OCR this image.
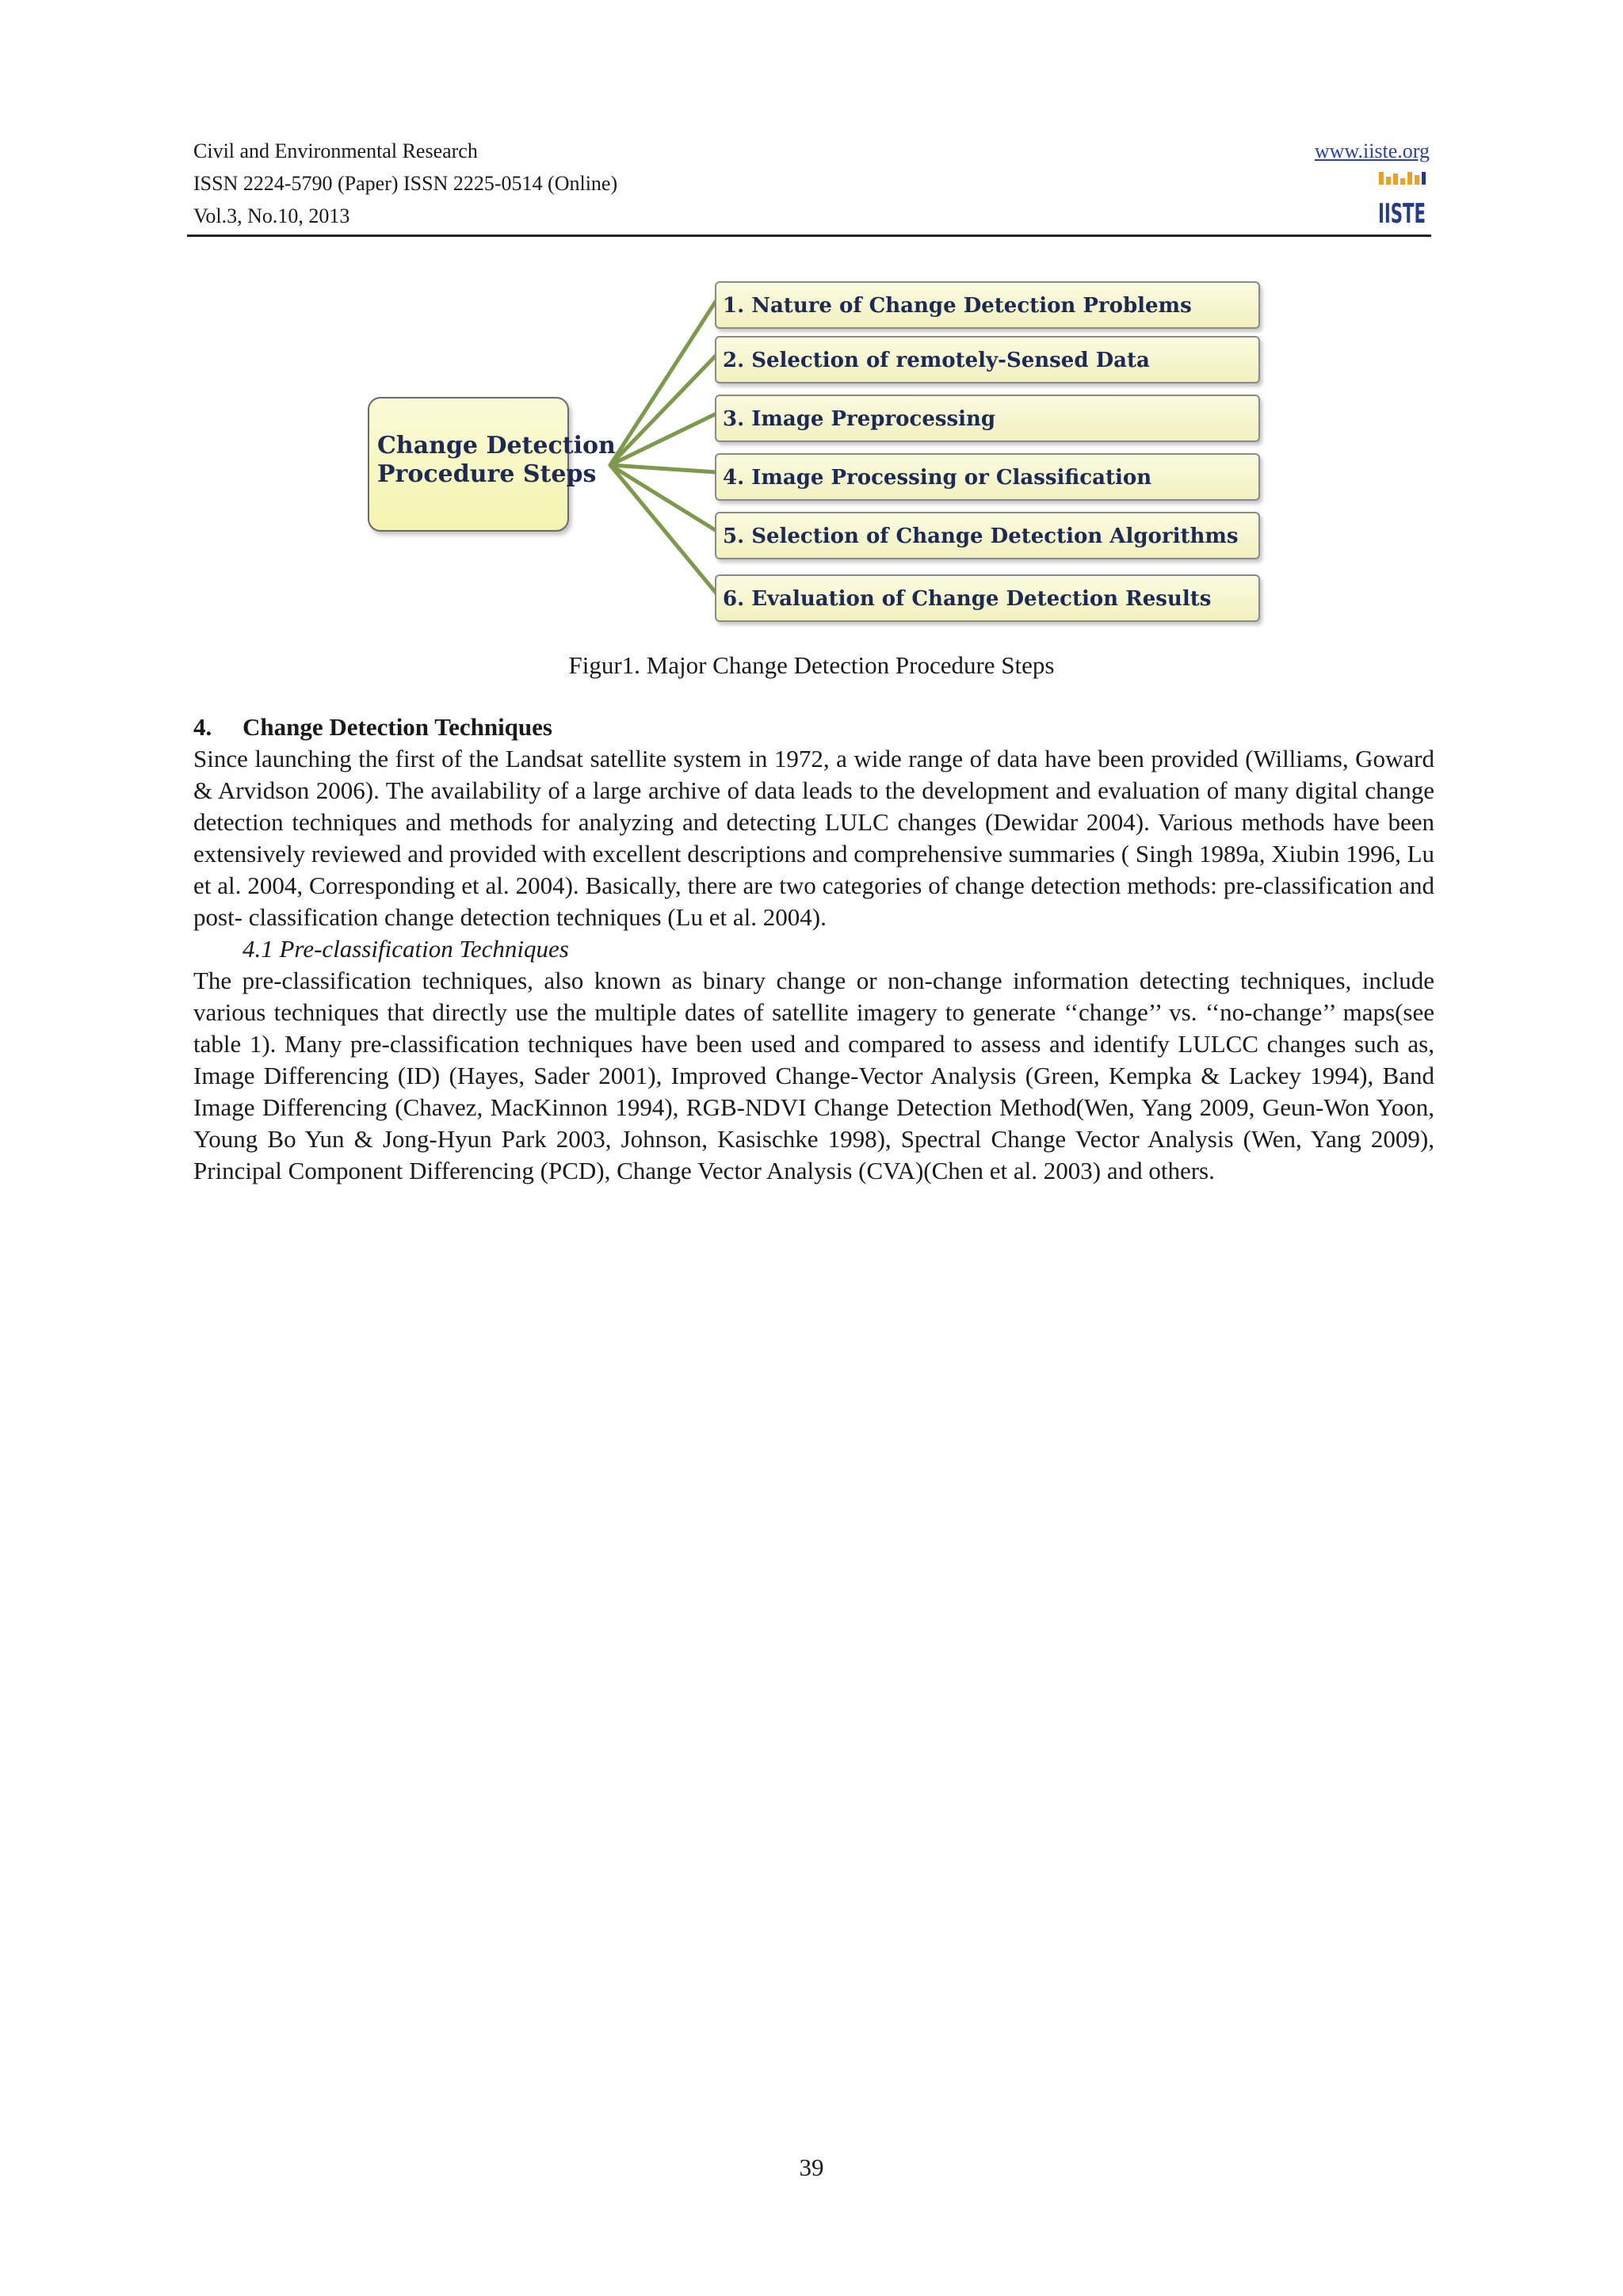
Civil and Environmental Research
ISSN 2224-5790 (Paper) ISSN 2225-0514 (Online)
Vol.3, No.10, 2013
www.iiste.org
IISTE
Change Detection
Procedure Steps
1. Nature of Change Detection Problems
2. Selection of remotely-Sensed Data
3. Image Preprocessing
4. Image Processing or Classification
5. Selection of Change Detection Algorithms
6. Evaluation of Change Detection Results
Figur1. Major Change Detection Procedure Steps
4. Change Detection Techniques

Since launching the first of the Landsat satellite system in 1972, a wide range of data have been provided (Williams, Goward & Arvidson 2006). The availability of a large archive of data leads to the development and evaluation of many digital change detection techniques and methods for analyzing and detecting LULC changes (Dewidar 2004). Various methods have been extensively reviewed and provided with excellent descriptions and comprehensive summaries ( Singh 1989a, Xiubin 1996, Lu et al. 2004, Corresponding et al. 2004). Basically, there are two categories of change detection methods: pre-classification and post- classification change detection techniques (Lu et al. 2004).

4.1 Pre-classification Techniques

The pre-classification techniques, also known as binary change or non-change information detecting techniques, include various techniques that directly use the multiple dates of satellite imagery to generate ‘‘change’’ vs. ‘‘no-change’’ maps(see table 1). Many pre-classification techniques have been used and compared to assess and identify LULCC changes such as, Image Differencing (ID) (Hayes, Sader 2001), Improved Change-Vector Analysis (Green, Kempka & Lackey 1994), Band Image Differencing (Chavez, MacKinnon 1994), RGB-NDVI Change Detection Method(Wen, Yang 2009, Geun-Won Yoon, Young Bo Yun & Jong-Hyun Park 2003, Johnson, Kasischke 1998), Spectral Change Vector Analysis (Wen, Yang 2009), Principal Component Differencing (PCD), Change Vector Analysis (CVA)(Chen et al. 2003) and others.

39
